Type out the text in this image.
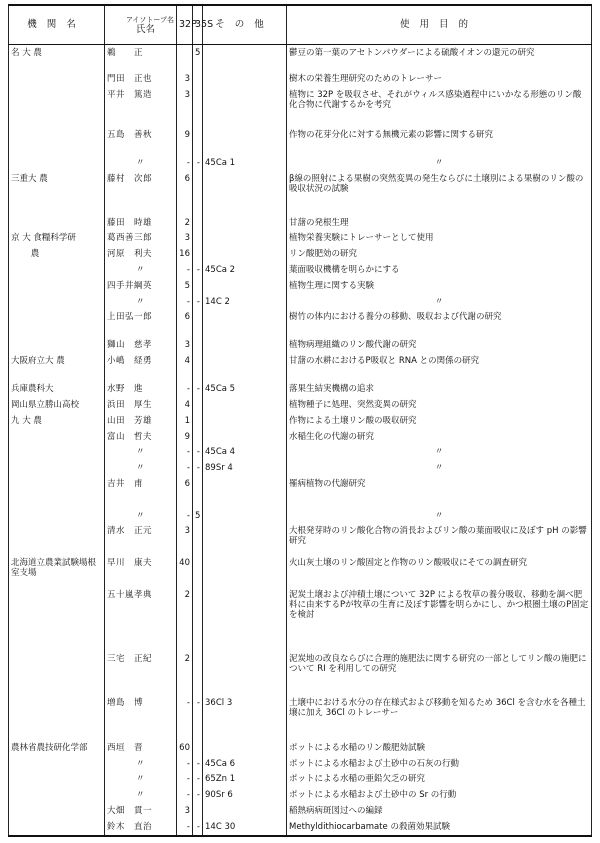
機関名	アイソトープ名
氏名	32P	35S	その他	使用目的
名 大 農	鵜　　正		5		鬱豆の第一葉のアセトンパウダーによる硫酸イオンの還元の研究
	門田　正也	3			樹木の栄養生理研究のためのトレーサー
	平井　篤造	3			植物に 32P を吸収させ、それがウィルス感染過程中にいかなる形態のリン酸化合物に代謝するかを考究
	五島　善秋	9			作物の花芽分化に対する無機元素の影響に関する研究
	〃	-	-	45Ca 1	〃
三重大 農	藤村　次郎	6			β線の照射による果樹の突然変異の発生ならびに土壌別による果樹のリン酸の吸収状況の試験
	藤田　時雄	2			甘藷の発根生理
京 大 食糧科学研	葛西善三郎	3			植物栄養実験にトレーサーとして使用
　　 農	河原　利夫	16			リン酸肥効の研究
	〃	-	-	45Ca 2	葉面吸収機構を明らかにする
	四手井綱英	5			植物生理に関する実験
	〃	-	-	14C 2	〃
	上田弘一郎	6			樹竹の体内における養分の移動、吸収および代謝の研究
	獅山　慈孝	3			植物病理組織のリン酸代謝の研究
大阪府立大 農	小嶋　経勇	4			甘藷の水耕におけるP吸収と RNA との関係の研究
兵庫農科大	水野　進	-	-	45Ca 5	落果生結実機構の追求
岡山県立勝山高校	浜田　厚生	4			植物種子に処理、突然変異の研究
九 大 農	山田　芳雄	1			作物による土壌リン酸の吸収研究
	富山　哲夫	9			水稲生化の代謝の研究
	〃	-	-	45Ca 4	〃
	〃	-	-	89Sr 4	〃
	吉井　甫	6			罹病植物の代謝研究
	〃	-	5		〃
	清水　正元	3			大根発芽時のリン酸化合物の消長およびリン酸の葉面吸収に及ぼす pH の影響研究
北海道立農業試験場根室支場	早川　康夫	40			火山灰土壌のリン酸固定と作物のリン酸吸収にそての調査研究
	五十嵐孝典	2			泥炭土壌および沖積土壌について 32P による牧草の養分吸収、移動を調べ肥料に由来するPが牧草の生育に及ぼす影響を明らかにし、かつ根圏土壌のP固定を検討
	三宅　正紀	2			泥炭地の改良ならびに合理的施肥法に関する研究の一部としてリン酸の施肥について RI を利用しての研究
	増島　博	-	-	36Cl 3	土壌中における水分の存在様式および移動を知るため 36Cl を含む水を各種土壌に加え 36Cl のトレーサー
農林省農技研化学部	西垣　晋	60			ポットによる水稲のリン酸肥効試験
	〃	-	-	45Ca 6	ポットによる水稲および土砂中の石灰の行動
	〃	-	-	65Zn 1	ポットによる水稲の亜鉛欠乏の研究
	〃	-	-	90Sr 6	ポットによる水稲および土砂中の Sr の行動
	大畑　貫一	3			稲熱病病斑図过への編録
	鈴木　直治	-	-	14C 30	Methyldithiocarbamate の殺菌効果試験
